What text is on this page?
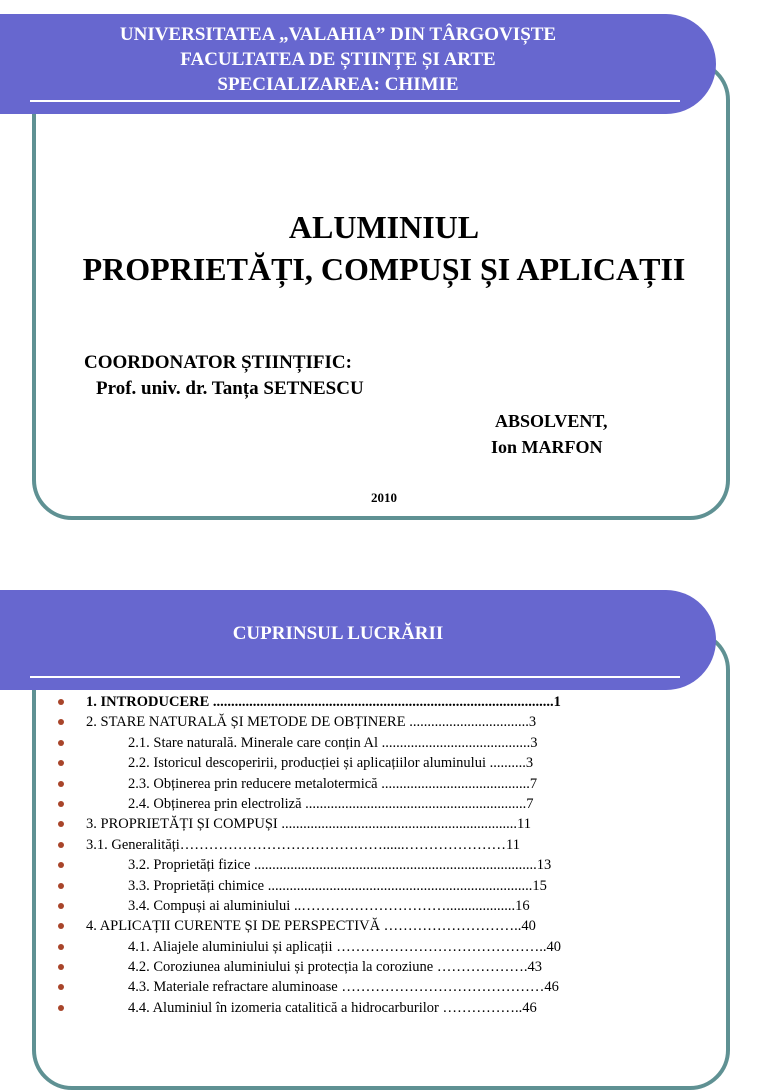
UNIVERSITATEA „VALAHIA” DIN TÂRGOVIȘTE
FACULTATEA DE ȘTIINȚE ȘI ARTE
SPECIALIZAREA: CHIMIE
ALUMINIUL
PROPRIETĂȚI, COMPUȘI ȘI APLICAȚII
COORDONATOR ȘTIINȚIFIC:
Prof. univ. dr. Tanța SETNESCU
ABSOLVENT,
Ion MARFON
2010
CUPRINSUL LUCRĂRII
1. INTRODUCERE ..............................................................................................1
2. STARE NATURALĂ ȘI METODE DE OBȚINERE .................................3
2.1. Stare naturală. Minerale care conțin Al .........................................3
2.2. Istoricul descoperirii, producției și aplicațiilor aluminului ..........3
2.3. Obținerea prin reducere metalotermică .........................................7
2.4. Obținerea prin electroliză .............................................................7
3. PROPRIETĂȚI ȘI COMPUȘI .................................................................11
3.1. Generalități……………………………………......…………………11
3.2. Proprietăți fizice ..............................................................................13
3.3. Proprietăți chimice .........................................................................15
3.4. Compuși ai aluminiului ..…………………………...................16
4. APLICAȚII CURENTE ȘI DE PERSPECTIVĂ ………………………..40
4.1. Aliajele aluminiului și aplicații ……………………………………..40
4.2. Coroziunea aluminiului și protecția la coroziune ……………….43
4.3. Materiale refractare aluminoase ……………………………………46
4.4. Aluminiul în izomeria catalitică a hidrocarburilor ……………..46
